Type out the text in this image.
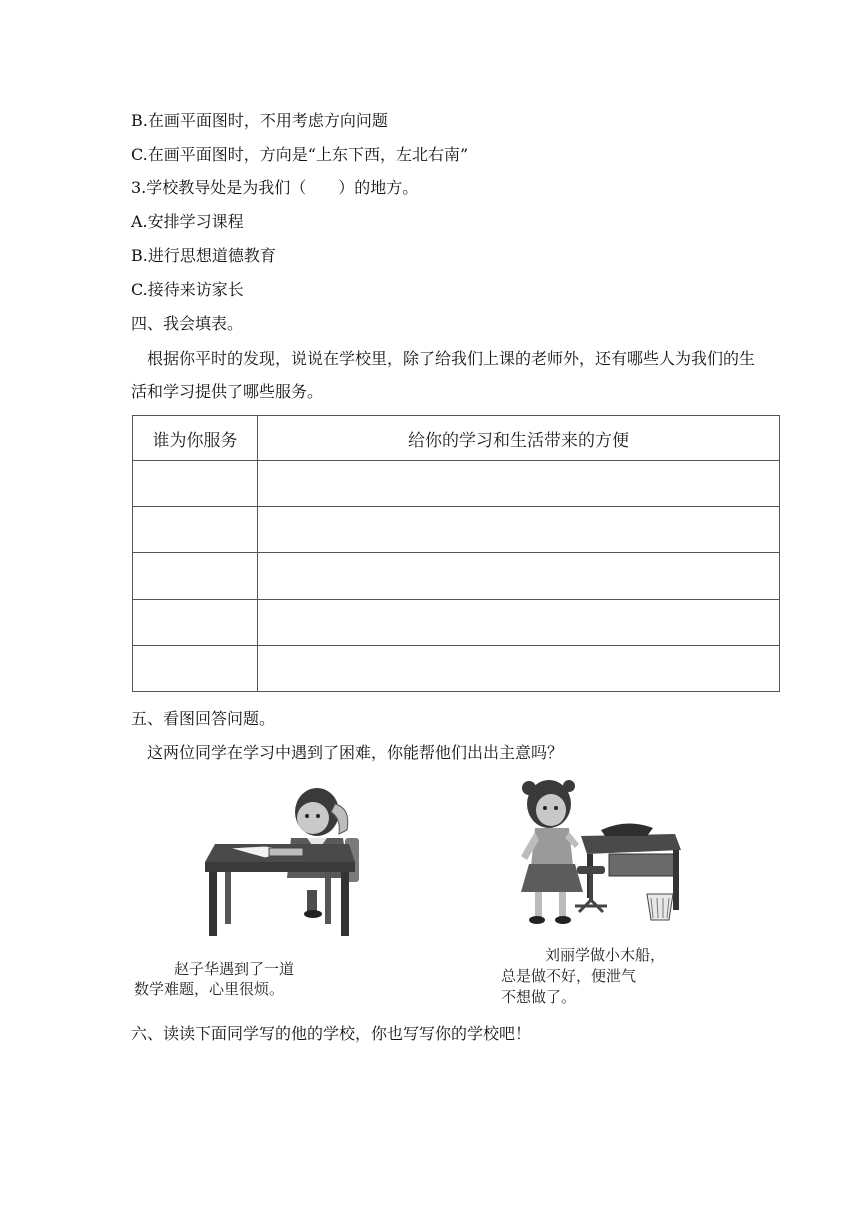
B.在画平面图时，不用考虑方向问题
C.在画平面图时，方向是“上东下西，左北右南”
3.学校教导处是为我们（　　）的地方。
A.安排学习课程
B.进行思想道德教育
C.接待来访家长
四、我会填表。
根据你平时的发现，说说在学校里，除了给我们上课的老师外，还有哪些人为我们的生活和学习提供了哪些服务。
谁为你服务	给你的学习和生活带来的方便

五、看图回答问题。
这两位同学在学习中遇到了困难，你能帮他们出出主意吗？
赵子华遇到了一道
数学难题，心里很烦。
刘丽学做小木船，
总是做不好，便泄气
不想做了。
六、读读下面同学写的他的学校，你也写写你的学校吧！
